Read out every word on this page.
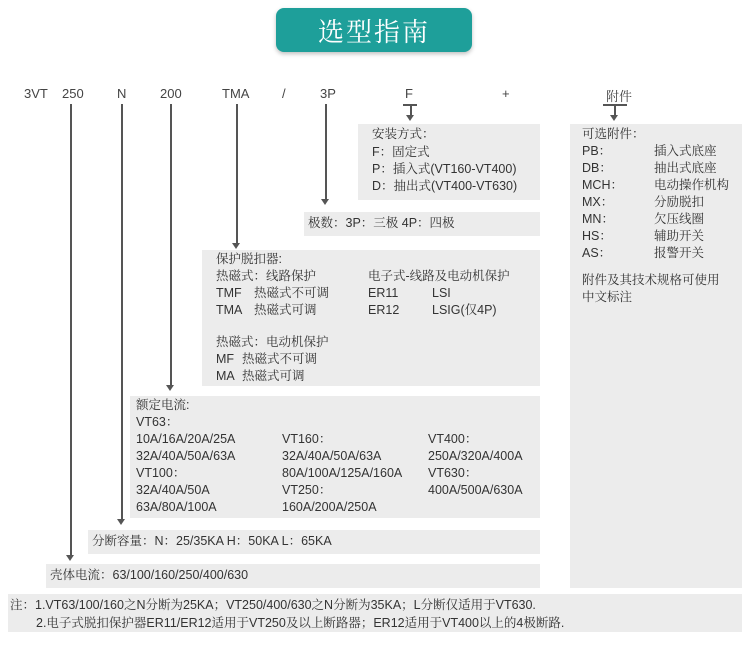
选型指南
3VT 250	N	200	TMA	/	3P	F	+	附件
安装方式：
F：固定式
P：插入式(VT160-VT400)
D：抽出式(VT400-VT630)
极数：3P：三极 4P：四极
保护脱扣器:
热磁式：线路保护	电子式-线路及电动机保护
TMF 热磁式不可调	ER11	LSI
TMA 热磁式可调	ER12	LSIG(仅4P)
热磁式：电动机保护
MF 热磁式不可调
MA 热磁式可调
额定电流:
VT63：
10A/16A/20A/25A
32A/40A/50A/63A
VT100：
32A/40A/50A
63A/80A/100A
VT160：
32A/40A/50A/63A
80A/100A/125A/160A
VT250：
160A/200A/250A
VT400：
250A/320A/400A
VT630：
400A/500A/630A
分断容量：N：25/35KA H：50KA L：65KA
壳体电流：63/100/160/250/400/630
可选附件：
PB：	插入式底座
DB：	抽出式底座
MCH： 电动操作机构
MX：	分励脱扣
MN：	欠压线圈
HS：	辅助开关
AS：	报警开关
附件及其技术规格可使用
中文标注
注：1.VT63/100/160之N分断为25KA；VT250/400/630之N分断为35KA；L分断仅适用于VT630.
2.电子式脱扣保护器ER11/ER12适用于VT250及以上断路器；ER12适用于VT400以上的4极断路.
